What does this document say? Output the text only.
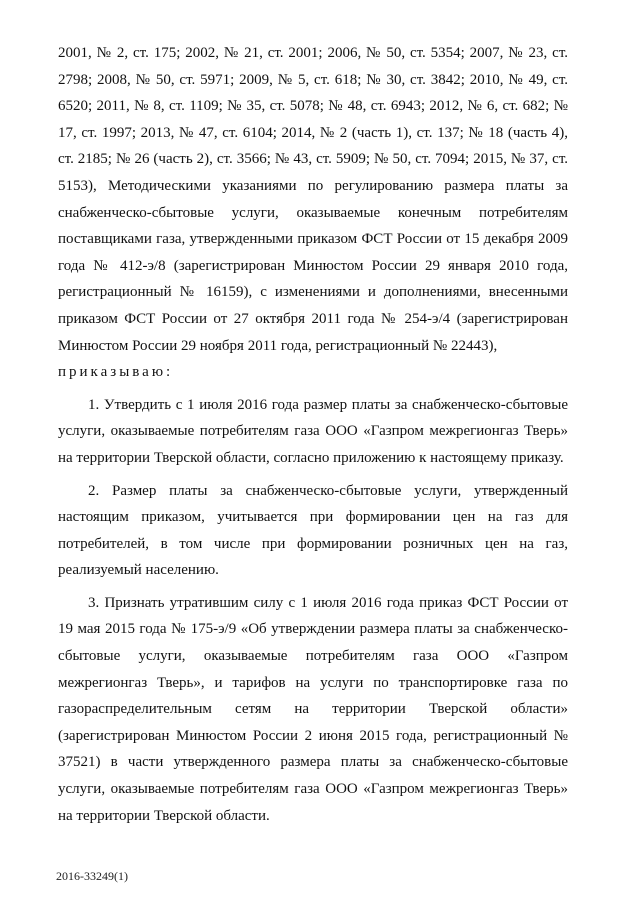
2001, № 2, ст. 175; 2002, № 21, ст. 2001; 2006, № 50, ст. 5354; 2007, № 23, ст. 2798; 2008, № 50, ст. 5971; 2009, № 5, ст. 618; № 30, ст. 3842; 2010, № 49, ст. 6520; 2011, № 8, ст. 1109; № 35, ст. 5078; № 48, ст. 6943; 2012, № 6, ст. 682; № 17, ст. 1997; 2013, № 47, ст. 6104; 2014, № 2 (часть 1), ст. 137; № 18 (часть 4), ст. 2185; № 26 (часть 2), ст. 3566; № 43, ст. 5909; № 50, ст. 7094; 2015, № 37, ст. 5153), Методическими указаниями по регулированию размера платы за снабженческо-сбытовые услуги, оказываемые конечным потребителям поставщиками газа, утвержденными приказом ФСТ России от 15 декабря 2009 года № 412-э/8 (зарегистрирован Минюстом России 29 января 2010 года, регистрационный № 16159), с изменениями и дополнениями, внесенными приказом ФСТ России от 27 октября 2011 года № 254-э/4 (зарегистрирован Минюстом России 29 ноября 2011 года, регистрационный № 22443),

приказываю:

1. Утвердить с 1 июля 2016 года размер платы за снабженческо-сбытовые услуги, оказываемые потребителям газа ООО «Газпром межрегионгаз Тверь» на территории Тверской области, согласно приложению к настоящему приказу.

2. Размер платы за снабженческо-сбытовые услуги, утвержденный настоящим приказом, учитывается при формировании цен на газ для потребителей, в том числе при формировании розничных цен на газ, реализуемый населению.

3. Признать утратившим силу с 1 июля 2016 года приказ ФСТ России от 19 мая 2015 года № 175-э/9 «Об утверждении размера платы за снабженческо-сбытовые услуги, оказываемые потребителям газа ООО «Газпром межрегионгаз Тверь», и тарифов на услуги по транспортировке газа по газораспределительным сетям на территории Тверской области» (зарегистрирован Минюстом России 2 июня 2015 года, регистрационный № 37521) в части утвержденного размера платы за снабженческо-сбытовые услуги, оказываемые потребителям газа ООО «Газпром межрегионгаз Тверь» на территории Тверской области.

2016-33249(1)
